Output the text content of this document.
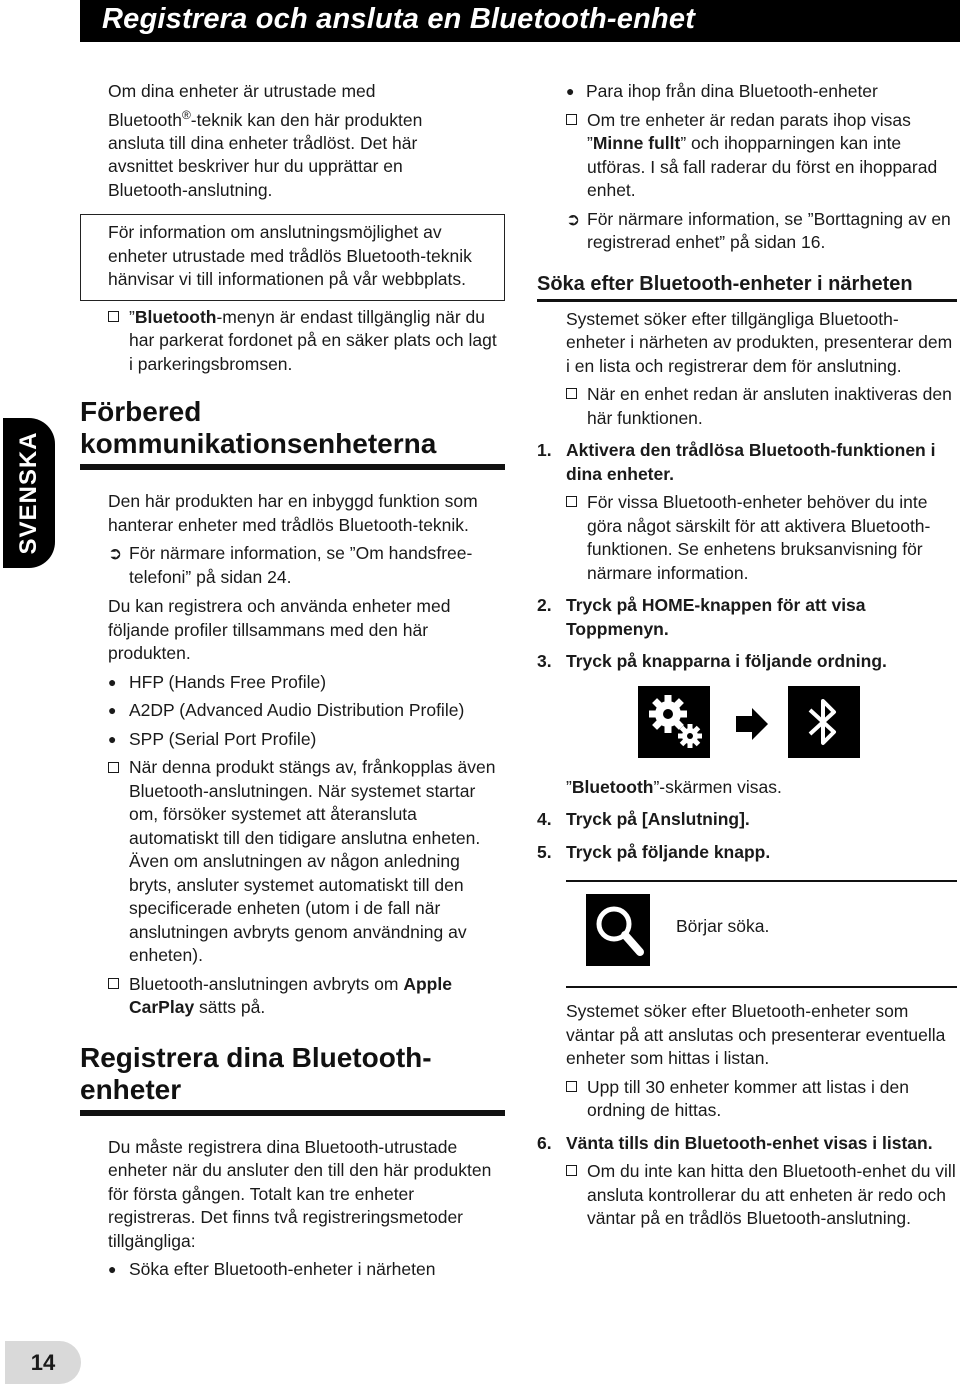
Registrera och ansluta en Bluetooth-enhet
SVENSKA
14
Om dina enheter är utrustade med
Bluetooth®-teknik kan den här produkten
ansluta till dina enheter trådlöst. Det här
avsnittet beskriver hur du upprättar en
Bluetooth-anslutning.

För information om anslutningsmöjlighet av enheter utrustade med trådlös Bluetooth-teknik hänvisar vi till informationen på vår webbplats.

”Bluetooth-menyn är endast tillgänglig när du har parkerat fordonet på en säker plats och lagt i parkeringsbromsen.
Förbered kommunikationsenheterna

Den här produkten har en inbyggd funktion som hanterar enheter med trådlös Bluetooth-teknik.

➲ För närmare information, se ”Om handsfree-telefoni” på sidan 24.

Du kan registrera och använda enheter med följande profiler tillsammans med den här produkten.

● HFP (Hands Free Profile)
● A2DP (Advanced Audio Distribution Profile)
● SPP (Serial Port Profile)
När denna produkt stängs av, frånkopplas även Bluetooth-anslutningen. När systemet startar om, försöker systemet att återansluta automatiskt till den tidigare anslutna enheten. Även om anslutningen av någon anledning bryts, ansluter systemet automatiskt till den specificerade enheten (utom i de fall när anslutningen avbryts genom användning av enheten).
Bluetooth-anslutningen avbryts om Apple CarPlay sätts på.
Registrera dina Bluetooth-enheter

Du måste registrera dina Bluetooth-utrustade enheter när du ansluter den till den här produkten för första gången. Totalt kan tre enheter registreras. Det finns två registreringsmetoder tillgängliga:

● Söka efter Bluetooth-enheter i närheten
● Para ihop från dina Bluetooth-enheter
Om tre enheter är redan parats ihop visas ”Minne fullt” och ihopparningen kan inte utföras. I så fall raderar du först en ihopparad enhet.
➲ För närmare information, se ”Borttagning av en registrerad enhet” på sidan 16.
Söka efter Bluetooth-enheter i närheten

Systemet söker efter tillgängliga Bluetooth-enheter i närheten av produkten, presenterar dem i en lista och registrerar dem för anslutning.

När en enhet redan är ansluten inaktiveras den här funktionen.
1. Aktivera den trådlösa Bluetooth-funktionen i dina enheter.
För vissa Bluetooth-enheter behöver du inte göra något särskilt för att aktivera Bluetooth-funktionen. Se enhetens bruksanvisning för närmare information.
2. Tryck på HOME-knappen för att visa Toppmenyn.
3. Tryck på knapparna i följande ordning.
”Bluetooth”-skärmen visas.
4. Tryck på [Anslutning].
5. Tryck på följande knapp.
Börjar söka.

Systemet söker efter Bluetooth-enheter som väntar på att anslutas och presenterar eventuella enheter som hittas i listan.

Upp till 30 enheter kommer att listas i den ordning de hittas.
6. Vänta tills din Bluetooth-enhet visas i listan.
Om du inte kan hitta den Bluetooth-enhet du vill ansluta kontrollerar du att enheten är redo och väntar på en trådlös Bluetooth-anslutning.
